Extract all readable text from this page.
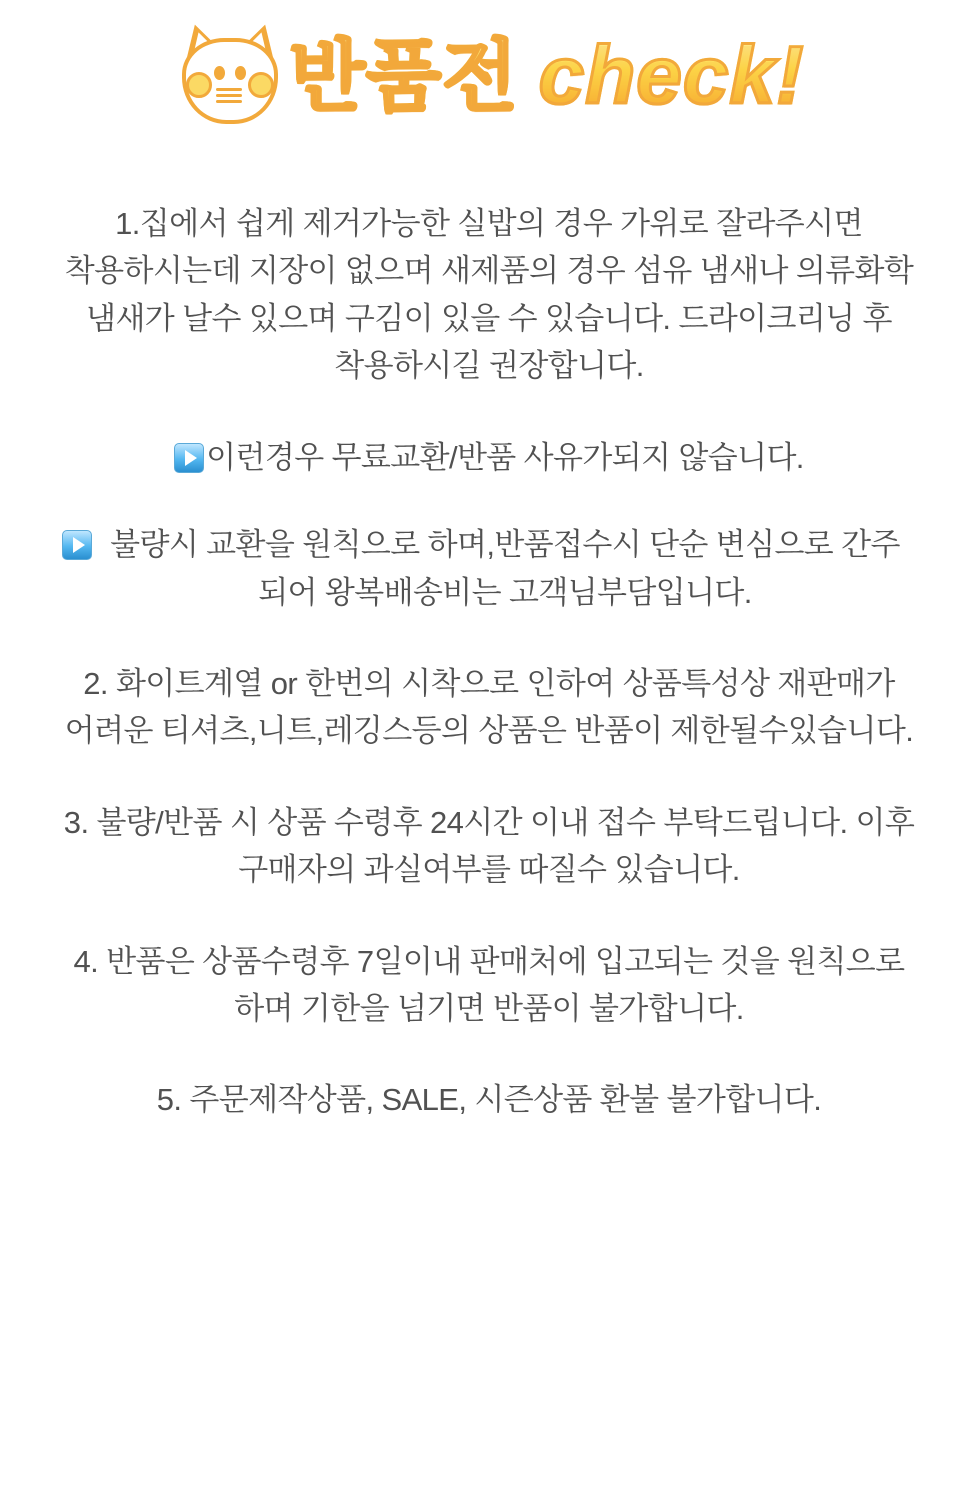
반품전 check!

1.집에서 쉽게 제거가능한 실밥의 경우 가위로 잘라주시면 착용하시는데 지장이 없으며 새제품의 경우 섬유 냄새나 의류화학 냄새가 날수 있으며 구김이 있을 수 있습니다. 드라이크리닝 후 착용하시길 권장합니다.

이런경우 무료교환/반품 사유가되지 않습니다.
불량시 교환을 원칙으로 하며,반품접수시 단순 변심으로 간주 되어 왕복배송비는 고객님부담입니다.

2. 화이트계열 or 한번의 시착으로 인하여 상품특성상 재판매가 어려운 티셔츠,니트,레깅스등의 상품은 반품이 제한될수있습니다.

3. 불량/반품 시 상품 수령후 24시간 이내 접수 부탁드립니다. 이후 구매자의 과실여부를 따질수 있습니다.

4. 반품은 상품수령후 7일이내 판매처에 입고되는 것을 원칙으로 하며 기한을 넘기면 반품이 불가합니다.

5. 주문제작상품, SALE, 시즌상품 환불 불가합니다.
